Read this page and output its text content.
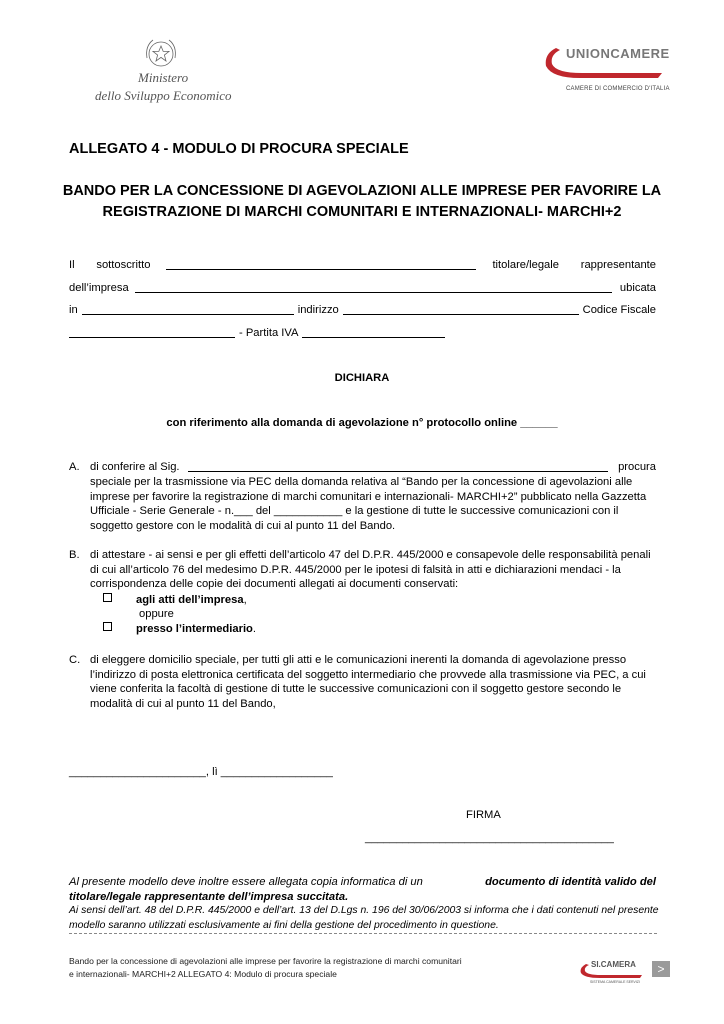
Ministero
dello Sviluppo Economico
UNIONCAMERE
CAMERE DI COMMERCIO D'ITALIA
ALLEGATO 4 - MODULO DI PROCURA SPECIALE
BANDO PER LA CONCESSIONE DI AGEVOLAZIONI ALLE IMPRESE PER FAVORIRE LA
REGISTRAZIONE DI MARCHI COMUNITARI E INTERNAZIONALI- MARCHI+2
Il sottoscritto	titolare/legale rappresentante
dell’impresa	ubicata
in	indirizzo	Codice Fiscale
- Partita IVA
DICHIARA
con riferimento alla domanda di agevolazione n° protocollo online ______
A. di conferire al Sig.	procura
speciale per la trasmissione via PEC della domanda relativa al “Bando per la concessione di agevolazioni alle
imprese per favorire la registrazione di marchi comunitari e internazionali- MARCHI+2” pubblicato nella Gazzetta
Ufficiale - Serie Generale - n.___ del ___________ e la gestione di tutte le successive comunicazioni con il
soggetto gestore con le modalità di cui al punto 11 del Bando.
B. di attestare - ai sensi e per gli effetti dell’articolo 47 del D.P.R. 445/2000 e consapevole delle responsabilità penali
di cui all’articolo 76 del medesimo D.P.R. 445/2000 per le ipotesi di falsità in atti e dichiarazioni mendaci - la
corrispondenza delle copie dei documenti allegati ai documenti conservati:
agli atti dell’impresa,
oppure
presso l’intermediario.
C. di eleggere domicilio speciale, per tutti gli atti e le comunicazioni inerenti la domanda di agevolazione presso
l’indirizzo di posta elettronica certificata del soggetto intermediario che provvede alla trasmissione via PEC, a cui
viene conferita la facoltà di gestione di tutte le successive comunicazioni con il soggetto gestore secondo le
modalità di cui al punto 11 del Bando,
______________________, lì __________________
FIRMA
________________________________________
Al presente modello deve inoltre essere allegata copia informatica di un	documento di identità valido del
titolare/legale rappresentante dell’impresa succitata.
Ai sensi dell’art. 48 del D.P.R. 445/2000 e dell’art. 13 del D.Lgs n. 196 del 30/06/2003 si informa che i dati contenuti nel presente
modello saranno utilizzati esclusivamente ai fini della gestione del procedimento in questione.
Bando per la concessione di agevolazioni alle imprese per favorire la registrazione di marchi comunitari
e internazionali- MARCHI+2 ALLEGATO 4: Modulo di procura speciale
SI.CAMERA
SISTEMA CAMERALE SERVIZI
>
